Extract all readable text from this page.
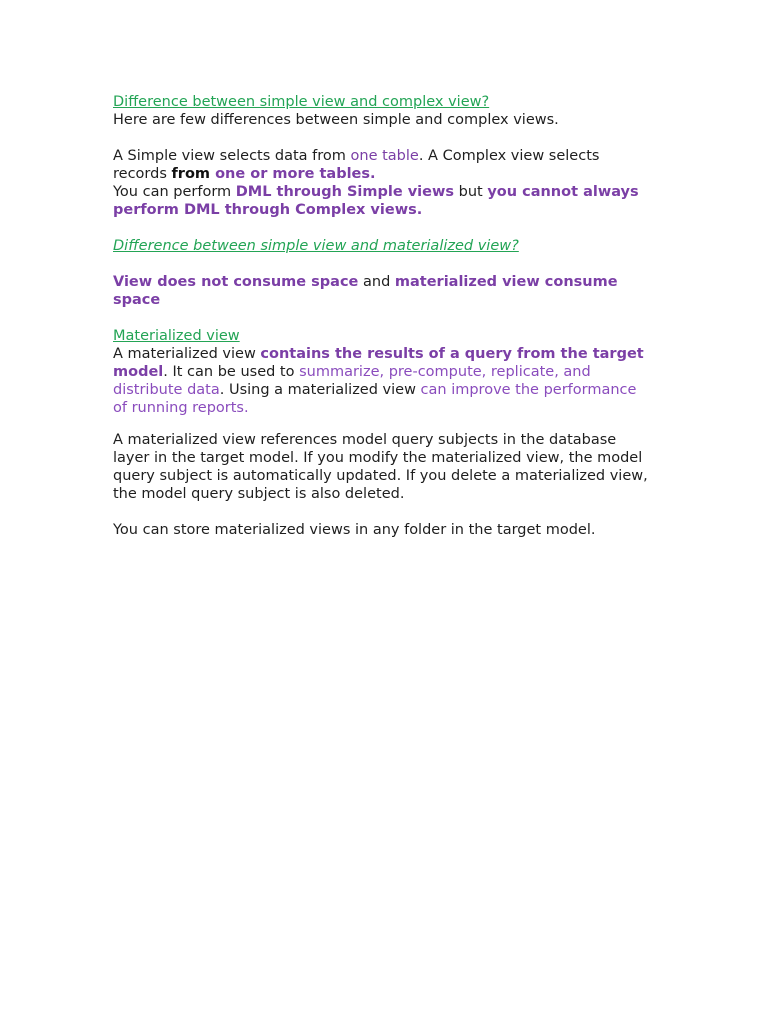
Difference between simple view and complex view?

Here are few differences between simple and complex views.

A Simple view selects data from one table. A Complex view selects records from one or more tables.

You can perform DML through Simple views but you cannot always perform DML through Complex views.

Difference between simple view and materialized view?

View does not consume space and materialized view consume space

Materialized view

A materialized view contains the results of a query from the target model. It can be used to summarize, pre-compute, replicate, and distribute data. Using a materialized view can improve the performance of running reports.

A materialized view references model query subjects in the database layer in the target model. If you modify the materialized view, the model query subject is automatically updated. If you delete a materialized view, the model query subject is also deleted.

You can store materialized views in any folder in the target model.
